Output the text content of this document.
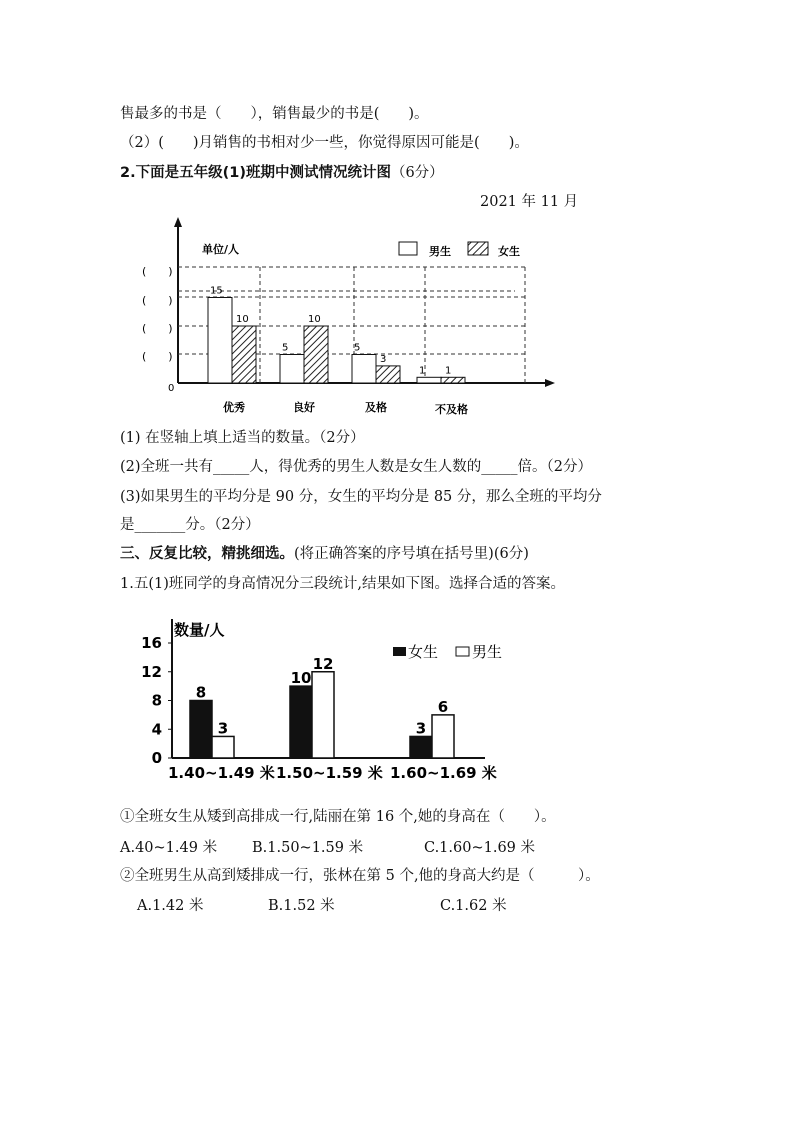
售最多的书是（　　），销售最少的书是(　　)。
（2）(　　)月销售的书相对少一些，你觉得原因可能是(　　)。
2.下面是五年级(1)班期中测试情况统计图（6分）
2021 年 11 月
单位/人
(　　)
(　　)
(　　)
(　　)
0
男生	女生
15
5	5
1
10	10
3
1
优秀	良好	及格	不及格
(1) 在竖轴上填上适当的数量。（2分）
(2)全班一共有_____人，得优秀的男生人数是女生人数的_____倍。（2分）
(3)如果男生的平均分是 90 分，女生的平均分是 85 分，那么全班的平均分
是_______分。（2分）
三、反复比较，精挑细选。(将正确答案的序号填在括号里)(6分)
1.五(1)班同学的身高情况分三段统计,结果如下图。选择合适的答案。
数量/人
0
4
8
12
16	女生 男生
8
10
3
3
12
6
1.40~1.49 米 1.50~1.59 米 1.60~1.69 米
①全班女生从矮到高排成一行,陆丽在第 16 个,她的身高在（　　）。
A.40~1.49 米 B.1.50~1.59 米	C.1.60~1.69 米
②全班男生从高到矮排成一行，张林在第 5 个,他的身高大约是（　　　）。
A.1.42 米	B.1.52 米	C.1.62 米
